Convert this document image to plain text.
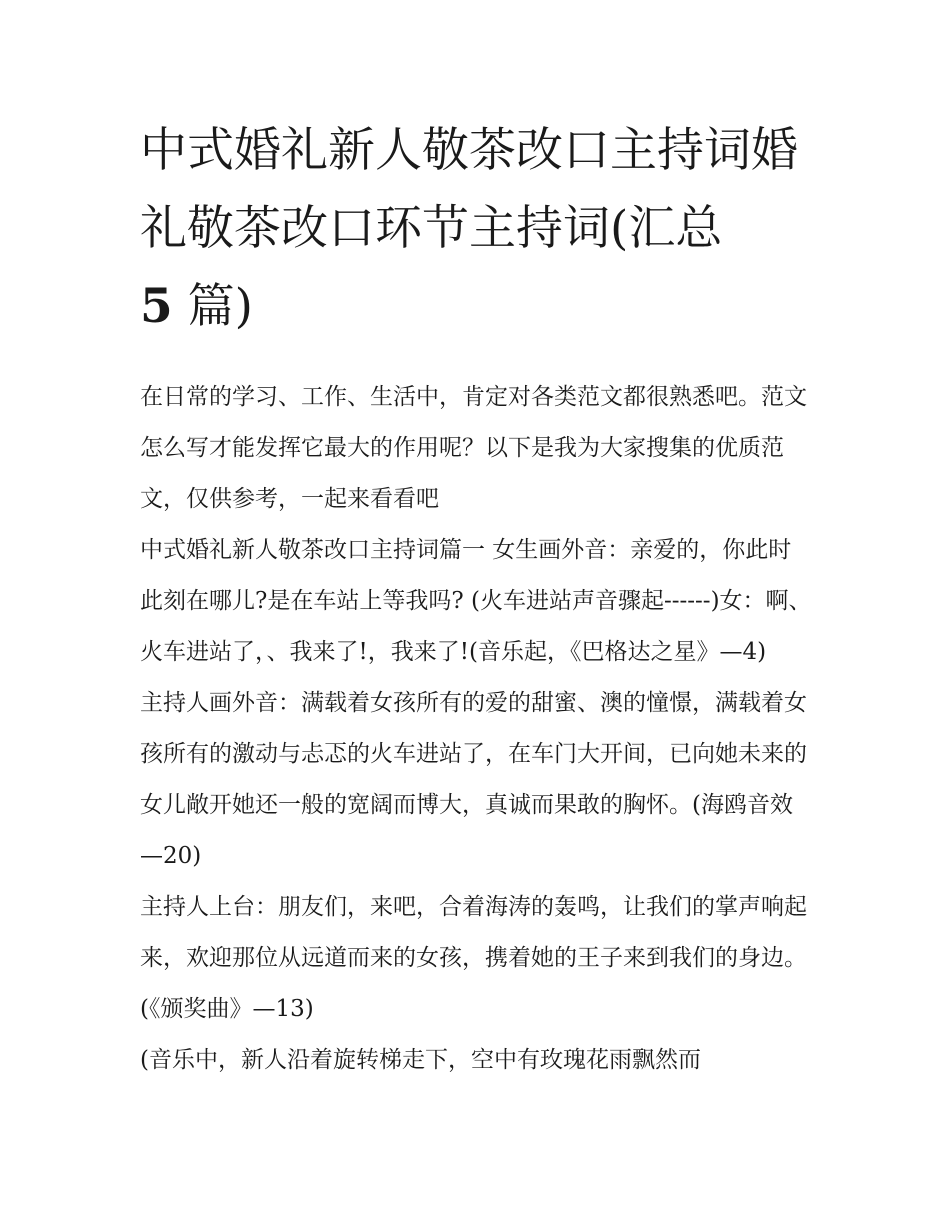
中式婚礼新人敬茶改口主持词婚礼敬茶改口环节主持词(汇总
5 篇)

在日常的学习、工作、生活中，肯定对各类范文都很熟悉吧。范文怎么写才能发挥它最大的作用呢？以下是我为大家搜集的优质范文，仅供参考，一起来看看吧

中式婚礼新人敬茶改口主持词篇一 女生画外音：亲爱的，你此时此刻在哪儿?是在车站上等我吗? (火车进站声音骤起------)女：啊、火车进站了，、我来了!，我来了!(音乐起，《巴格达之星》—4)

主持人画外音：满载着女孩所有的爱的甜蜜、澳的憧憬，满载着女孩所有的激动与忐忑的火车进站了，在车门大开间，已向她未来的女儿敞开她还一般的宽阔而博大，真诚而果敢的胸怀。(海鸥音效—20)

主持人上台：朋友们，来吧，合着海涛的轰鸣，让我们的掌声响起来，欢迎那位从远道而来的女孩，携着她的王子来到我们的身边。(《颁奖曲》—13)

(音乐中，新人沿着旋转梯走下，空中有玫瑰花雨飘然而
